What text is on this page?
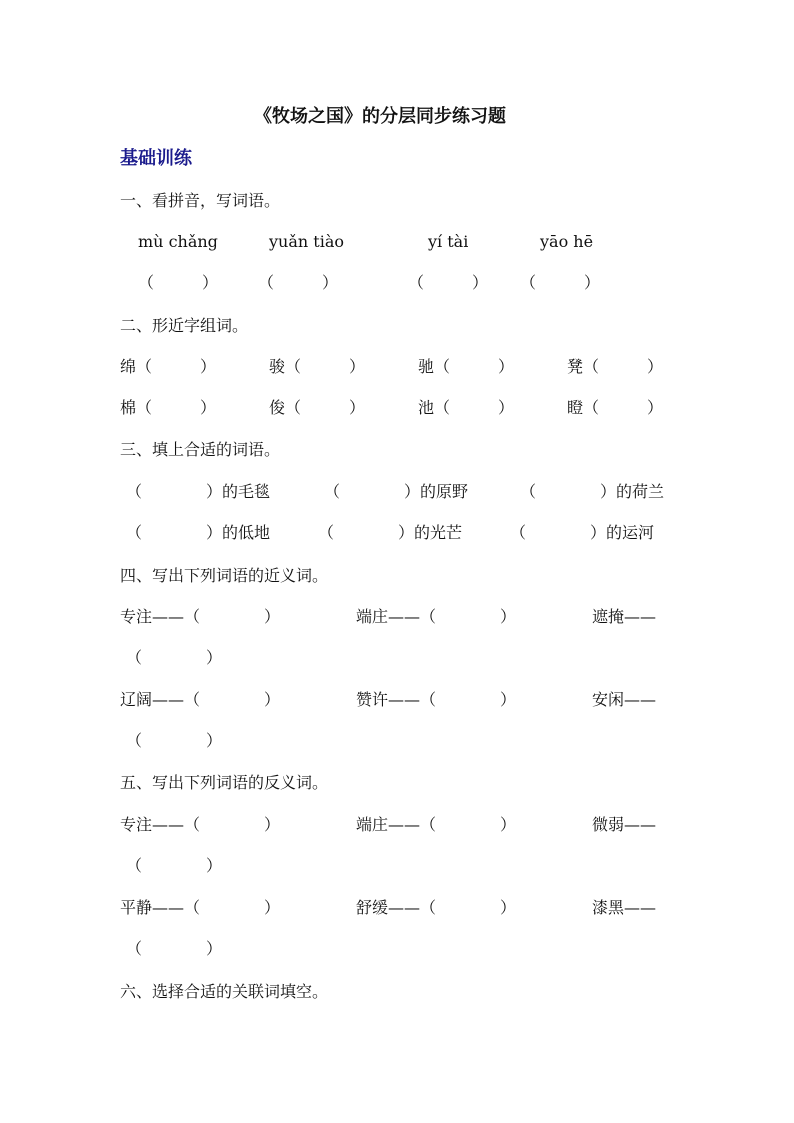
《牧场之国》的分层同步练习题
基础训练
一、看拼音，写词语。
mù chǎng	yuǎn tiào	yí tài	yāo hē
（　　　） （　　　）	（　　　） （　　　）
二、形近字组词。
绵（　　　）	骏（　　　）	驰（　　　）	凳（　　　）
棉（　　　）	俊（　　　）	池（　　　）	瞪（　　　）
三、填上合适的词语。
（　　　　）的毛毯	（　　　　）的原野	（　　　　）的荷兰
（　　　　）的低地	（　　　　）的光芒	（　　　　）的运河
四、写出下列词语的近义词。
专注——（　　　　）	端庄——（　　　　）	遮掩——
（　　　　）
辽阔——（　　　　）	赞许——（　　　　）	安闲——
（　　　　）
五、写出下列词语的反义词。
专注——（　　　　）	端庄——（　　　　）	微弱——
（　　　　）
平静——（　　　　）	舒缓——（　　　　）	漆黑——
（　　　　）
六、选择合适的关联词填空。
